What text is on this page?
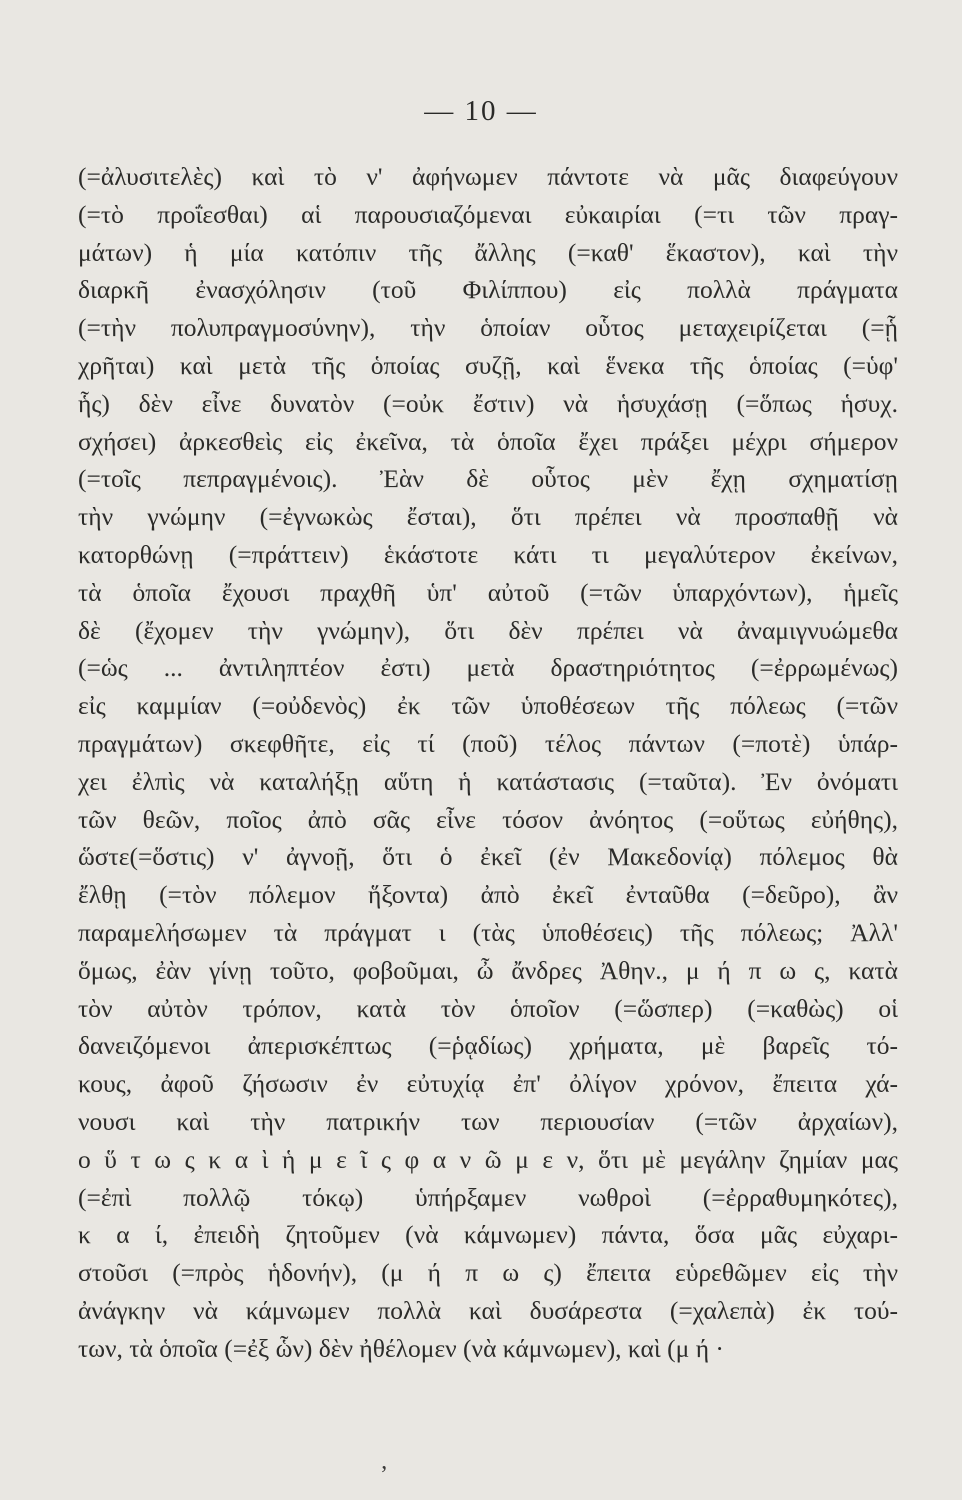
— 10 —
(=ἀλυσιτελὲς) καὶ τὸ ν' ἀφήνωμεν πάντοτε νὰ μᾶς διαφεύγουν
(=τὸ προΐεσθαι) αἱ παρουσιαζόμεναι εὐκαιρίαι (=τι τῶν πραγ-
μάτων) ἡ μία κατόπιν τῆς ἄλλης (=καθ' ἕκαστον), καὶ τὴν
διαρκῆ ἐνασχόλησιν (τοῦ Φιλίππου) εἰς πολλὰ πράγματα
(=τὴν πολυπραγμοσύνην), τὴν ὁποίαν οὗτος μεταχειρίζεται (=ᾗ
χρῆται) καὶ μετὰ τῆς ὁποίας συζῇ, καὶ ἕνεκα τῆς ὁποίας (=ὑφ'
ἧς) δὲν εἶνε δυνατὸν (=οὐκ ἔστιν) νὰ ἡσυχάσῃ (=ὅπως ἡσυχ.
σχήσει) ἀρκεσθεὶς εἰς ἐκεῖνα, τὰ ὁποῖα ἔχει πράξει μέχρι σήμερον
(=τοῖς πεπραγμένοις). Ἐὰν δὲ οὗτος μὲν ἔχῃ σχηματίσῃ
τὴν γνώμην (=ἐγνωκὼς ἔσται), ὅτι πρέπει νὰ προσπαθῇ νὰ
κατορθώνῃ (=πράττειν) ἑκάστοτε κάτι τι μεγαλύτερον ἐκείνων,
τὰ ὁποῖα ἔχουσι πραχθῆ ὑπ' αὐτοῦ (=τῶν ὑπαρχόντων), ἡμεῖς
δὲ (ἔχομεν τὴν γνώμην), ὅτι δὲν πρέπει νὰ ἀναμιγνυώμεθα
(=ὡς ... ἀντιληπτέον ἐστι) μετὰ δραστηριότητος (=ἐρρωμένως)
εἰς καμμίαν (=οὐδενὸς) ἐκ τῶν ὑποθέσεων τῆς πόλεως (=τῶν
πραγμάτων) σκεφθῆτε, εἰς τί (ποῦ) τέλος πάντων (=ποτὲ) ὑπάρ-
χει ἐλπὶς νὰ καταλήξῃ αὕτη ἡ κατάστασις (=ταῦτα). Ἐν ὀνόματι
τῶν θεῶν, ποῖος ἀπὸ σᾶς εἶνε τόσον ἀνόητος (=οὕτως εὐήθης),
ὥστε(=ὅστις) ν' ἀγνοῇ, ὅτι ὁ ἐκεῖ (ἐν Μακεδονίᾳ) πόλεμος θὰ
ἔλθῃ (=τὸν πόλεμον ἥξοντα) ἀπὸ ἐκεῖ ἐνταῦθα (=δεῦρο), ἂν
παραμελήσωμεν τὰ πράγματ ι (τὰς ὑποθέσεις) τῆς πόλεως; Ἀλλ'
ὅμως, ἐὰν γίνῃ τοῦτο, φοβοῦμαι, ὦ ἄνδρες Ἀθην., μ ή π ω ς, κατὰ
τὸν αὐτὸν τρόπον, κατὰ τὸν ὁποῖον (=ὥσπερ) (=καθὼς) οἱ
δανειζόμενοι ἀπερισκέπτως (=ῥᾳδίως) χρήματα, μὲ βαρεῖς τό-
κους, ἀφοῦ ζήσωσιν ἐν εὐτυχίᾳ ἐπ' ὀλίγον χρόνον, ἔπειτα χά-
νουσι καὶ τὴν πατρικήν των περιουσίαν (=τῶν ἀρχαίων),
ο ὕ τ ω ς κ α ὶ ἡ μ ε ῖ ς φ α ν ῶ μ ε ν, ὅτι μὲ μεγάλην ζημίαν μας
(=ἐπὶ πολλῷ τόκῳ) ὑπήρξαμεν νωθροὶ (=ἐρραθυμηκότες),
κ α ί, ἐπειδὴ ζητοῦμεν (νὰ κάμνωμεν) πάντα, ὅσα μᾶς εὐχαρι-
στοῦσι (=πρὸς ἡδονήν), (μ ή π ω ς) ἔπειτα εὑρεθῶμεν εἰς τὴν
ἀνάγκην νὰ κάμνωμεν πολλὰ καὶ δυσάρεστα (=χαλεπὰ) ἐκ τού-
των, τὰ ὁποῖα (=ἐξ ὧν) δὲν ἠθέλομεν (νὰ κάμνωμεν), καὶ (μ ή ·
ʼ
